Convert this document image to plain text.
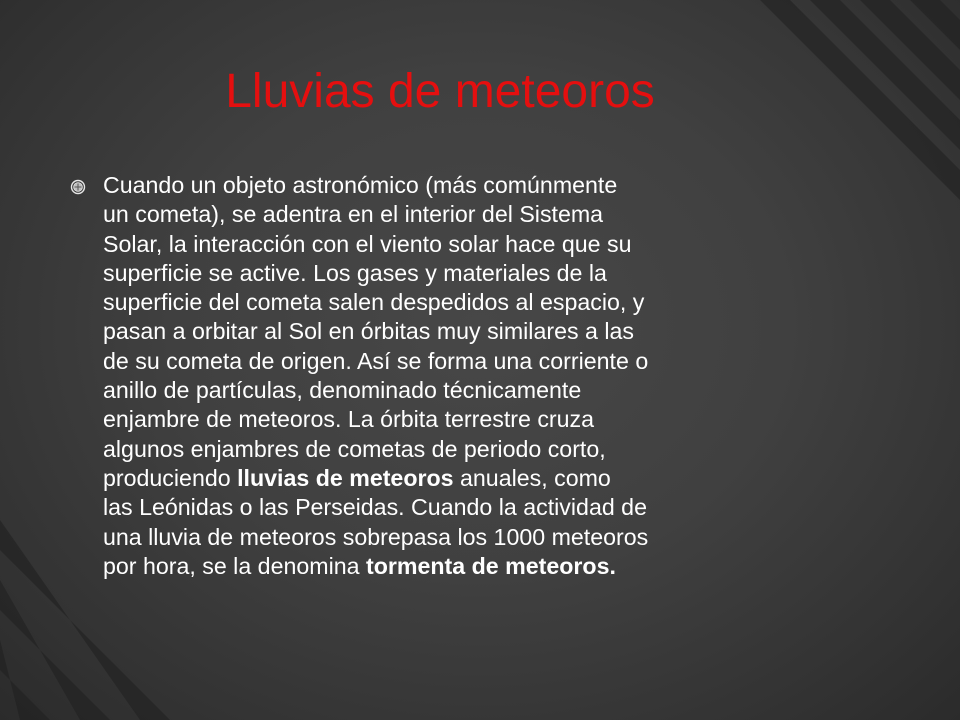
Lluvias de meteoros
Cuando un objeto astronómico (más comúnmente
un cometa), se adentra en el interior del Sistema
Solar, la interacción con el viento solar hace que su
superficie se active. Los gases y materiales de la
superficie del cometa salen despedidos al espacio, y
pasan a orbitar al Sol en órbitas muy similares a las
de su cometa de origen. Así se forma una corriente o
anillo de partículas, denominado técnicamente
enjambre de meteoros. La órbita terrestre cruza
algunos enjambres de cometas de periodo corto,
produciendo lluvias de meteoros anuales, como
las Leónidas o las Perseidas. Cuando la actividad de
una lluvia de meteoros sobrepasa los 1000 meteoros
por hora, se la denomina tormenta de meteoros.
